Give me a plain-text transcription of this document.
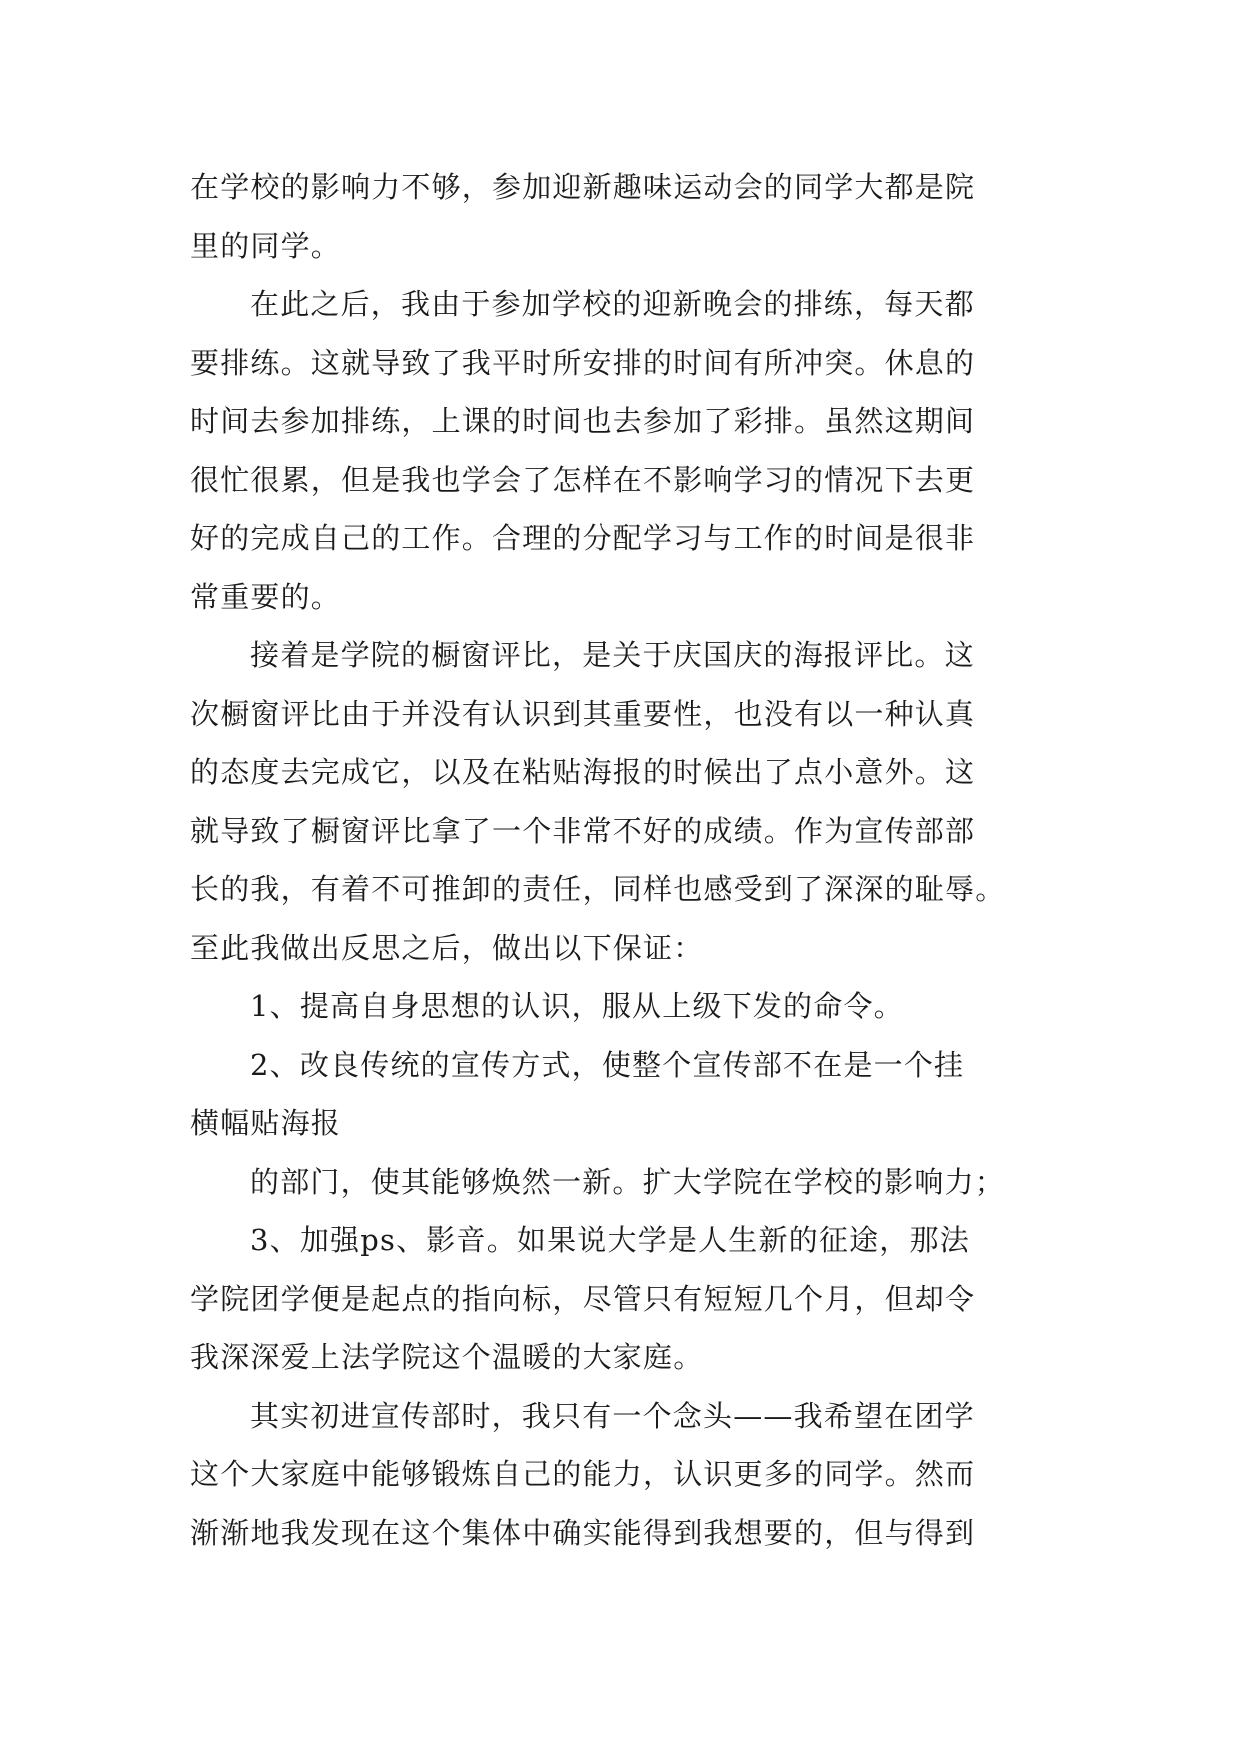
在学校的影响力不够，参加迎新趣味运动会的同学大都是院
里的同学。
在此之后，我由于参加学校的迎新晚会的排练，每天都
要排练。这就导致了我平时所安排的时间有所冲突。休息的
时间去参加排练，上课的时间也去参加了彩排。虽然这期间
很忙很累，但是我也学会了怎样在不影响学习的情况下去更
好的完成自己的工作。合理的分配学习与工作的时间是很非
常重要的。
接着是学院的橱窗评比，是关于庆国庆的海报评比。这
次橱窗评比由于并没有认识到其重要性，也没有以一种认真
的态度去完成它，以及在粘贴海报的时候出了点小意外。这
就导致了橱窗评比拿了一个非常不好的成绩。作为宣传部部
长的我，有着不可推卸的责任，同样也感受到了深深的耻辱。
至此我做出反思之后，做出以下保证：
1、提高自身思想的认识，服从上级下发的命令。
2、改良传统的宣传方式，使整个宣传部不在是一个挂
横幅贴海报
的部门，使其能够焕然一新。扩大学院在学校的影响力；
3、加强ps、影音。如果说大学是人生新的征途，那法
学院团学便是起点的指向标，尽管只有短短几个月，但却令
我深深爱上法学院这个温暖的大家庭。
其实初进宣传部时，我只有一个念头——我希望在团学
这个大家庭中能够锻炼自己的能力，认识更多的同学。然而
渐渐地我发现在这个集体中确实能得到我想要的，但与得到
